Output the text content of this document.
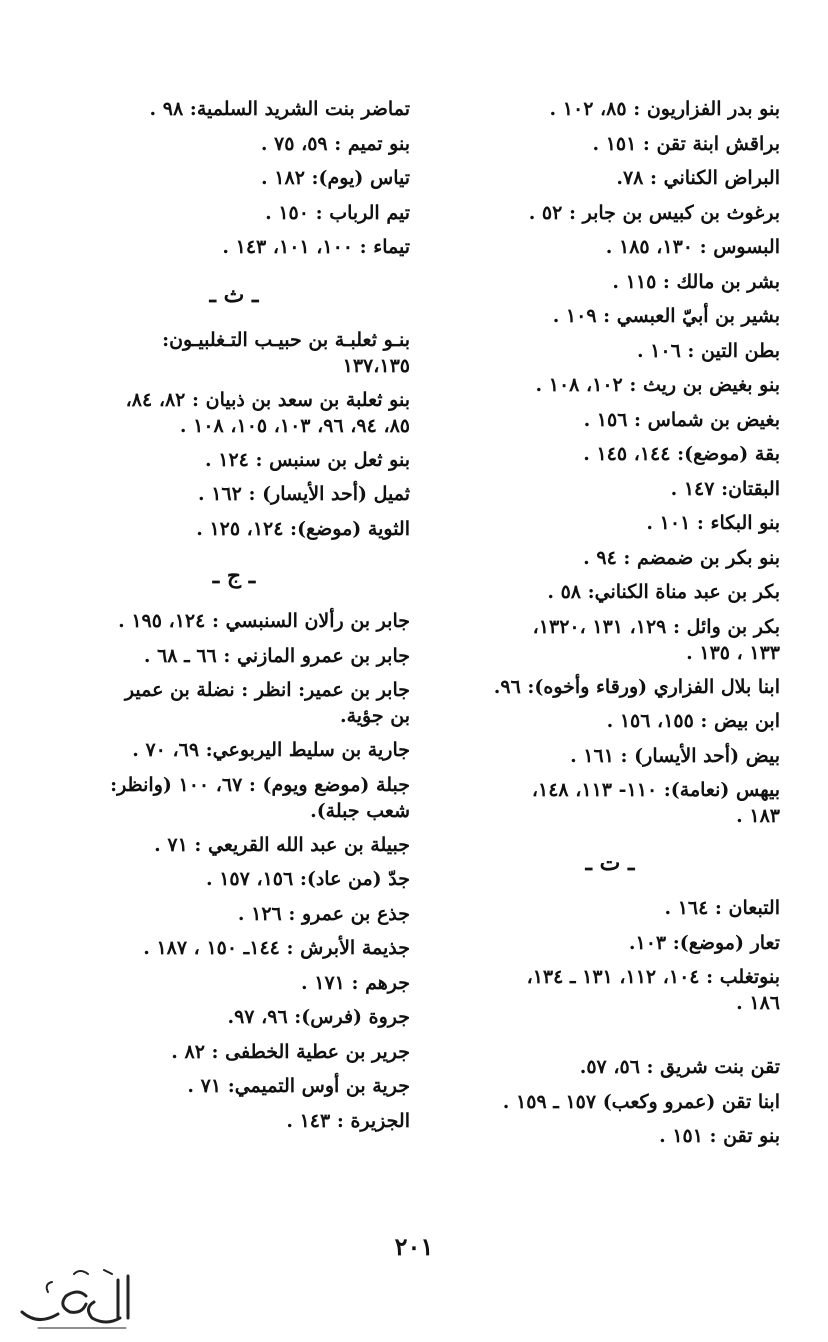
بنو بدر الفزاريون : ٨٥، ١٠٢ .
براقش ابنة تقن : ١٥١ .
البراض الكناني : ٧٨.
برغوث بن كبيس بن جابر : ٥٢ .
البسوس : ١٣٠، ١٨٥ .
بشر بن مالك : ١١٥ .
بشير بن أبيّ العبسي : ١٠٩ .
بطن التين : ١٠٦ .
بنو بغيض بن ريث : ١٠٢، ١٠٨ .
بغيض بن شماس : ١٥٦ .
بقة (موضع): ١٤٤، ١٤٥ .
البقتان: ١٤٧ .
بنو البكاء : ١٠١ .
بنو بكر بن ضمضم : ٩٤ .
بكر بن عبد مناة الكناني: ٥٨ .
بكر بن وائل : ١٢٩، ١٣١ ،١٣٢٠،
١٣٣ ، ١٣٥ .
ابنا بلال الفزاري (ورقاء وأخوه): ٩٦.
ابن بيض : ١٥٥، ١٥٦ .
بيض (أحد الأيسار) : ١٦١ .
بيهس (نعامة): ١١٠- ١١٣، ١٤٨،
١٨٣ .
ـ ت ـ
التبعان : ١٦٤ .
تعار (موضع): ١٠٣.
بنوتغلب : ١٠٤، ١١٢، ١٣١ ـ ١٣٤،
١٨٦ .
تقن بنت شريق : ٥٦، ٥٧.
ابنا تقن (عمرو وكعب) ١٥٧ ـ ١٥٩ .
بنو تقن : ١٥١ .
تماضر بنت الشريد السلمية: ٩٨ .
بنو تميم : ٥٩، ٧٥ .
تياس (يوم): ١٨٢ .
تيم الرباب : ١٥٠ .
تيماء : ١٠٠، ١٠١، ١٤٣ .
ـ ث ـ
بنـو ثعلبـة بن حبيـب التـغلبيـون:
١٣٧،١٣٥
بنو ثعلبة بن سعد بن ذبيان : ٨٢، ٨٤،
٨٥، ٩٤، ٩٦، ١٠٣، ١٠٥، ١٠٨ .
بنو ثعل بن سنبس : ١٢٤ .
ثميل (أحد الأيسار) : ١٦٢ .
الثوية (موضع): ١٢٤، ١٢٥ .
ـ ج ـ
جابر بن رألان السنبسي : ١٢٤، ١٩٥ .
جابر بن عمرو المازني : ٦٦ ـ ٦٨ .
جابر بن عمير: انظر : نضلة بن عمير
بن جؤية.
جارية بن سليط اليربوعي: ٦٩، ٧٠ .
جبلة (موضع ويوم) : ٦٧، ١٠٠ (وانظر:
شعب جبلة).
جبيلة بن عبد الله القريعي : ٧١ .
جدّ (من عاد): ١٥٦، ١٥٧ .
جذع بن عمرو : ١٢٦ .
جذيمة الأبرش : ١٤٤ـ ١٥٠ ، ١٨٧ .
جرهم : ١٧١ .
جروة (فرس): ٩٦، ٩٧.
جرير بن عطية الخطفى : ٨٢ .
جرية بن أوس التميمي: ٧١ .
الجزيرة : ١٤٣ .
٢٠١
